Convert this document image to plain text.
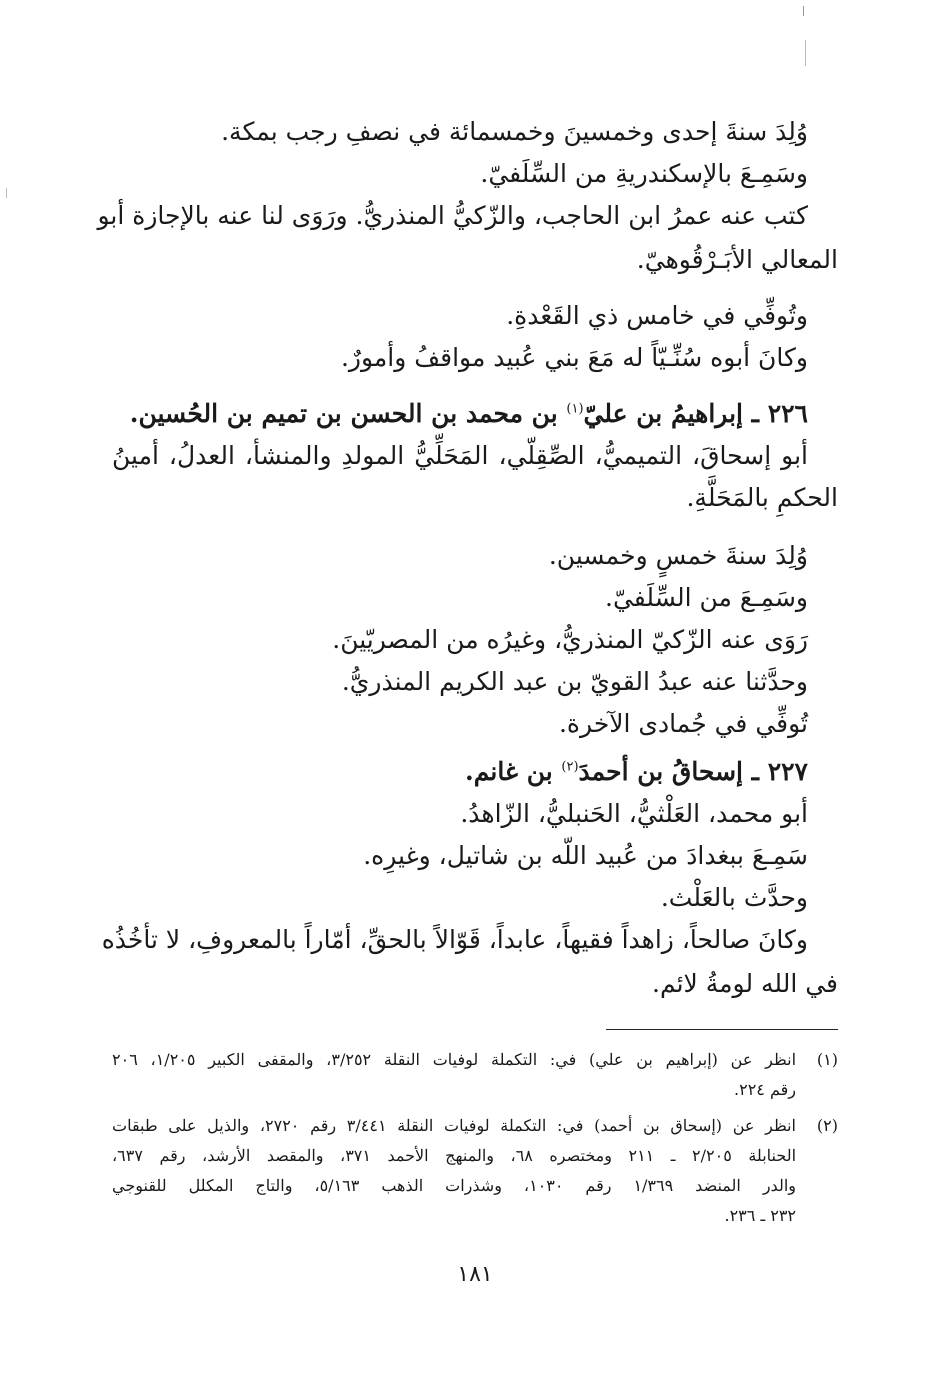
وُلِدَ سنةَ إحدى وخمسينَ وخمسمائة في نصفِ رجب بمكة.
وسَمِـعَ بالإسكندريةِ من السِّلَفيّ.
كتب عنه عمرُ ابن الحاجب، والزّكيُّ المنذريُّ. ورَوَى لنا عنه بالإجازة أبو
المعالي الأبَـرْقُوهيّ.
وتُوفِّي في خامس ذي القَعْدةِ.
وكانَ أبوه سُنِّـيّاً له مَعَ بني عُبيد مواقفُ وأمورٌ.
٢٢٦ ـ إبراهيمُ بن عليّ$^{(١)}$ بن محمد بن الحسن بن تميم بن الحُسين.
أبو إسحاقَ، التميميُّ، الصِّقِلّي، المَحَلِّيُّ المولدِ والمنشأ، العدلُ، أمينُ
الحكمِ بالمَحَلَّةِ.
وُلِدَ سنةَ خمسٍ وخمسين.
وسَمِـعَ من السِّلَفيّ.
رَوَى عنه الزّكيّ المنذريُّ، وغيرُه من المصريّينَ.
وحدَّثنا عنه عبدُ القويّ بن عبد الكريم المنذريُّ.
تُوفِّي في جُمادى الآخرة.
٢٢٧ ـ إسحاقُ بن أحمدَ$^{(٢)}$ بن غانم.
أبو محمد، العَلْثيُّ، الحَنبليُّ، الزّاهدُ.
سَمِـعَ ببغدادَ من عُبيد اللّه بن شاتيل، وغيرِه.
وحدَّث بالعَلْث.
وكانَ صالحاً، زاهداً فقيهاً، عابداً، قَوّالاً بالحقِّ، أمّاراً بالمعروفِ، لا تأخُذُه
في الله لومةُ لائم.
(١)
انظر عن (إبراهيم بن علي) في: التكملة لوفيات النقلة ٣/٢٥٢، والمقفى الكبير ١/٢٠٥، ٢٠٦
رقم ٢٢٤.
(٢)
انظر عن (إسحاق بن أحمد) في: التكملة لوفيات النقلة ٣/٤٤١ رقم ٢٧٢٠، والذيل على طبقات
الحنابلة ٢/٢٠٥ ـ ٢١١ ومختصره ٦٨، والمنهج الأحمد ٣٧١، والمقصد الأرشد، رقم ٦٣٧،
والدر المنضد ١/٣٦٩ رقم ١٠٣٠، وشذرات الذهب ٥/١٦٣، والتاج المكلل للقنوجي
٢٣٢ ـ ٢٣٦.
١٨١
